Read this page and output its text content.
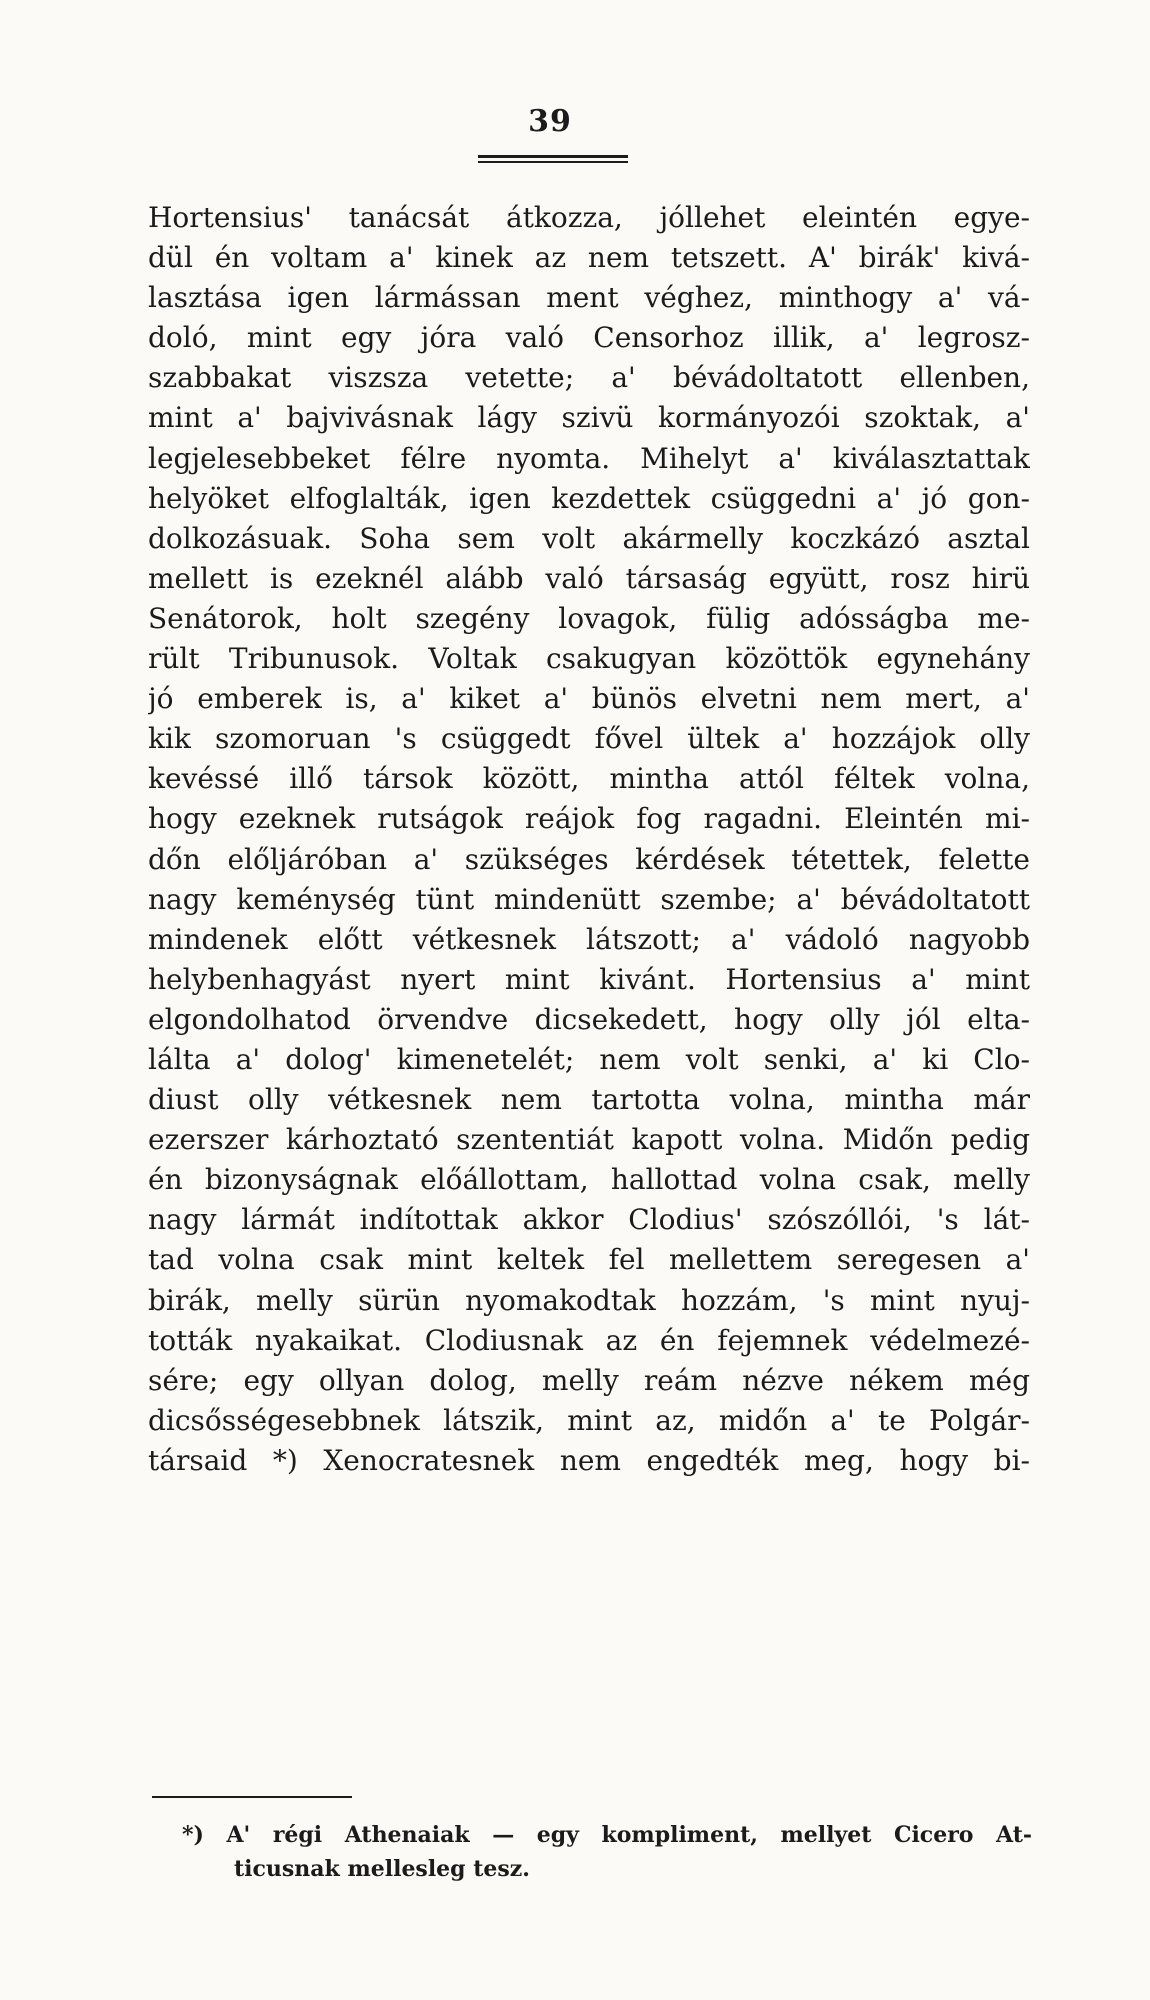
39
Hortensius' tanácsát átkozza, jóllehet eleintén egye-
dül én voltam a' kinek az nem tetszett. A' birák' kivá-
lasztása igen lármássan ment véghez, minthogy a' vá-
doló, mint egy jóra való Censorhoz illik, a' legrosz-
szabbakat viszsza vetette; a' bévádoltatott ellenben,
mint a' bajvivásnak lágy szivü kormányozói szoktak, a'
legjelesebbeket félre nyomta. Mihelyt a' kiválasztattak
helyöket elfoglalták, igen kezdettek csüggedni a' jó gon-
dolkozásuak. Soha sem volt akármelly koczkázó asztal
mellett is ezeknél alább való társaság együtt, rosz hirü
Senátorok, holt szegény lovagok, fülig adósságba me-
rült Tribunusok. Voltak csakugyan közöttök egynehány
jó emberek is, a' kiket a' bünös elvetni nem mert, a'
kik szomoruan 's csüggedt fővel ültek a' hozzájok olly
kevéssé illő társok között, mintha attól féltek volna,
hogy ezeknek rutságok reájok fog ragadni. Eleintén mi-
dőn előljáróban a' szükséges kérdések tétettek, felette
nagy keménység tünt mindenütt szembe; a' bévádoltatott
mindenek előtt vétkesnek látszott; a' vádoló nagyobb
helybenhagyást nyert mint kivánt. Hortensius a' mint
elgondolhatod örvendve dicsekedett, hogy olly jól elta-
lálta a' dolog' kimenetelét; nem volt senki, a' ki Clo-
diust olly vétkesnek nem tartotta volna, mintha már
ezerszer kárhoztató szententiát kapott volna. Midőn pedig
én bizonyságnak előállottam, hallottad volna csak, melly
nagy lármát indítottak akkor Clodius' szószóllói, 's lát-
tad volna csak mint keltek fel mellettem seregesen a'
birák, melly sürün nyomakodtak hozzám, 's mint nyuj-
tották nyakaikat. Clodiusnak az én fejemnek védelmezé-
sére; egy ollyan dolog, melly reám nézve nékem még
dicsősségesebbnek látszik, mint az, midőn a' te Polgár-
társaid *) Xenocratesnek nem engedték meg, hogy bi-
*) A' régi Athenaiak — egy kompliment, mellyet Cicero At-
ticusnak mellesleg tesz.
